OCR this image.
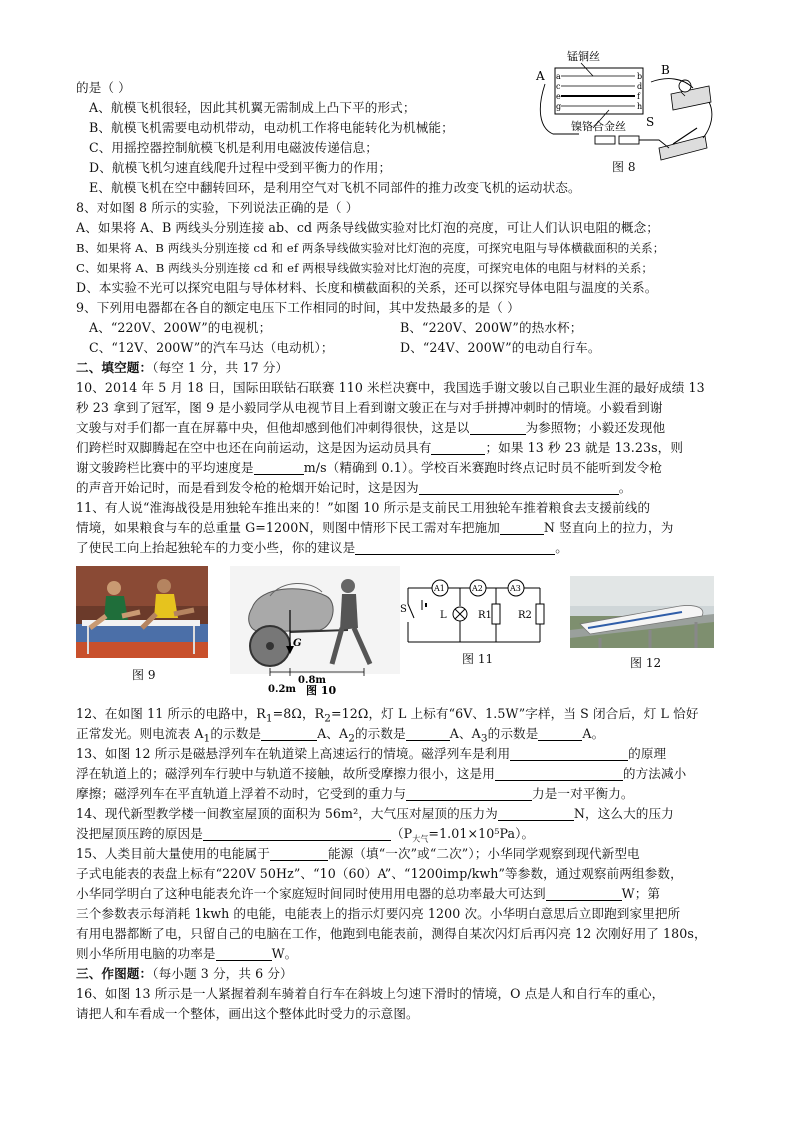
的是（ ）
A、航模飞机很轻，因此其机翼无需制成上凸下平的形式；
B、航模飞机需要电动机带动，电动机工作将电能转化为机械能；
C、用摇控器控制航模飞机是利用电磁波传递信息；
D、航模飞机匀速直线爬升过程中受到平衡力的作用；
E、航模飞机在空中翻转回环，是利用空气对飞机不同部件的推力改变飞机的运动状态。
锰铜丝
A a
c
e
g
b
d
f
h
镍铬合金丝
B
S
图 8
8、对如图 8 所示的实验，下列说法正确的是（ ）
A、如果将 A、B 两线头分别连接 ab、cd 两条导线做实验对比灯泡的亮度，可让人们认识电阻的概念；
B、如果将 A、B 两线头分别连接 cd 和 ef 两条导线做实验对比灯泡的亮度，可探究电阻与导体横截面积的关系；
C、如果将 A、B 两线头分别连接 cd 和 ef 两根导线做实验对比灯泡的亮度，可探究电体的电阻与材料的关系；
D、本实验不光可以探究电阻与导体材料、长度和横截面积的关系，还可以探究导体电阻与温度的关系。
9、下列用电器都在各自的额定电压下工作相同的时间，其中发热最多的是（ ）
A、“220V、200W”的电视机；	B、“220V、200W”的热水杯；
C、“12V、200W”的汽车马达（电动机）；	D、“24V、200W”的电动自行车。
二、填空题：（每空 1 分，共 17 分）
10、2014 年 5 月 18 日，国际田联钻石联赛 110 米栏决赛中，我国选手谢文骏以自己职业生涯的最好成绩 13
秒 23 拿到了冠军，图 9 是小毅同学从电视节目上看到谢文骏正在与对手拼搏冲刺时的情境。小毅看到谢
文骏与对手们都一直在屏幕中央，但他却感到他们冲刺得很快，这是以	为参照物；小毅还发现他
们跨栏时双脚腾起在空中也还在向前运动，这是因为运动员具有	；如果 13 秒 23 就是 13.23s，则
谢文骏跨栏比赛中的平均速度是	m/s（精确到 0.1）。学校百米赛跑时终点记时员不能听到发令枪
的声音开始记时，而是看到发令枪的枪烟开始记时，这是因为	。
11、有人说“淮海战役是用独轮车推出来的！”如图 10 所示是支前民工用独轮车推着粮食去支援前线的
情境，如果粮食与车的总重量 G=1200N，则图中情形下民工需对车把施加	N 竖直向上的拉力，为
了使民工向上抬起独轮车的力变小些，你的建议是	。
图 9
G
0.8m
0.2m 图 10
S
A1	A2	A3
L	R1	R2
图 11	图 12
12、在如图 11 所示的电路中，$R_1=8\Omega$，$R_2=12\Omega$，灯 L 上标有“6V、1.5W”字样，当 S 闭合后，灯 L 恰好
正常发光。则电流表 $A_1$的示数是	A、$A_2$的示数是	A、$A_3$的示数是	A。
13、如图 12 所示是磁悬浮列车在轨道梁上高速运行的情境。磁浮列车是利用	的原理
浮在轨道上的；磁浮列车行驶中与轨道不接触，故所受摩擦力很小，这是用	的方法减小
摩擦；磁浮列车在平直轨道上浮着不动时，它受到的重力与	力是一对平衡力。
14、现代新型教学楼一间教室屋顶的面积为 56m²，大气压对屋顶的压力为	N，这么大的压力
没把屋顶压跨的原因是	$(P_{大气}=1.01\times 10^5Pa)$。
15、人类目前大量使用的电能属于	能源（填“一次”或“二次”）；小华同学观察到现代新型电
子式电能表的表盘上标有“220V 50Hz”、“10（60）A”、“1200imp/kwh”等参数，通过观察前两组参数，
小华同学明白了这种电能表允许一个家庭短时间同时使用用电器的总功率最大可达到	W；第
三个参数表示每消耗 1kwh 的电能，电能表上的指示灯要闪亮 1200 次。小华明白意思后立即跑到家里把所
有用电器都断了电，只留自己的电脑在工作，他跑到电能表前，测得自某次闪灯后再闪亮 12 次刚好用了 180s，
则小华所用电脑的功率是	W。
三、作图题：（每小题 3 分，共 6 分）
16、如图 13 所示是一人紧握着刹车骑着自行车在斜坡上匀速下滑时的情境，O 点是人和自行车的重心，
请把人和车看成一个整体，画出这个整体此时受力的示意图。
